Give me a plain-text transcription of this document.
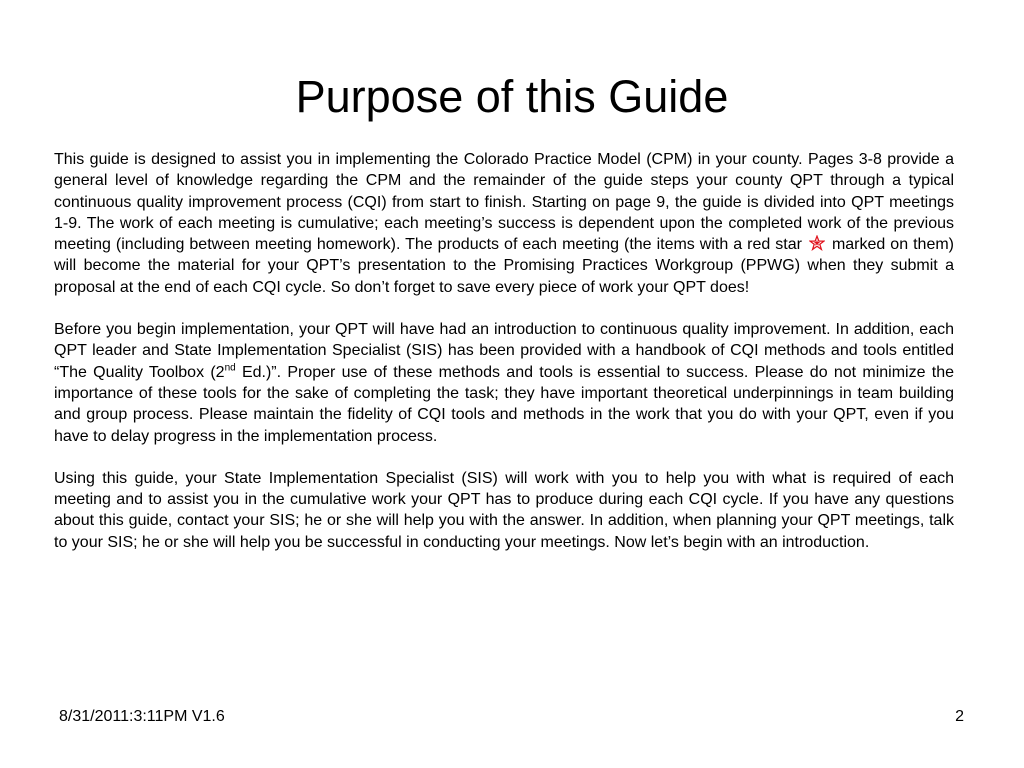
Purpose of this Guide

This guide is designed to assist you in implementing the Colorado Practice Model (CPM) in your county. Pages 3-8 provide a general level of knowledge regarding the CPM and the remainder of the guide steps your county QPT through a typical continuous quality improvement process (CQI) from start to finish. Starting on page 9, the guide is divided into QPT meetings 1-9. The work of each meeting is cumulative; each meeting’s success is dependent upon the completed work of the previous meeting (including between meeting homework). The products of each meeting (the items with a red star  marked on them) will become the material for your QPT’s presentation to the Promising Practices Workgroup (PPWG) when they submit a proposal at the end of each CQI cycle. So don’t forget to save every piece of work your QPT does!

Before you begin implementation, your QPT will have had an introduction to continuous quality improvement. In addition, each QPT leader and State Implementation Specialist (SIS) has been provided with a handbook of CQI methods and tools entitled “The Quality Toolbox (2nd Ed.)”. Proper use of these methods and tools is essential to success. Please do not minimize the importance of these tools for the sake of completing the task; they have important theoretical underpinnings in team building and group process. Please maintain the fidelity of CQI tools and methods in the work that you do with your QPT, even if you have to delay progress in the implementation process.

Using this guide, your State Implementation Specialist (SIS) will work with you to help you with what is required of each meeting and to assist you in the cumulative work your QPT has to produce during each CQI cycle. If you have any questions about this guide, contact your SIS; he or she will help you with the answer. In addition, when planning your QPT meetings, talk to your SIS; he or she will help you be successful in conducting your meetings. Now let’s begin with an introduction.

8/31/2011:3:11PM V1.6	2
